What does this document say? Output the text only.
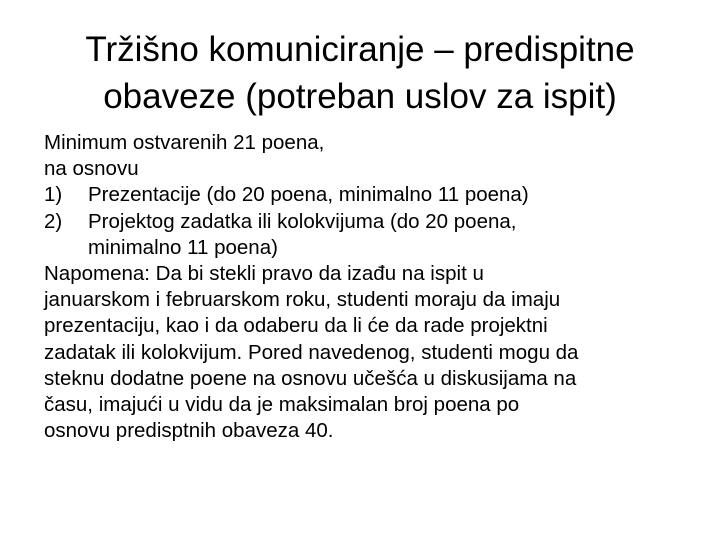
Tržišno komuniciranje – predispitne
obaveze (potreban uslov za ispit)
Minimum ostvarenih 21 poena,
na osnovu
1)	Prezentacije (do 20 poena, minimalno 11 poena)
2)	Projektog zadatka ili kolokvijuma (do 20 poena,
minimalno 11 poena)
Napomena: Da bi stekli pravo da izađu na ispit u
januarskom i februarskom roku, studenti moraju da imaju
prezentaciju, kao i da odaberu da li će da rade projektni
zadatak ili kolokvijum. Pored navedenog, studenti mogu da
steknu dodatne poene na osnovu učešća u diskusijama na
času, imajući u vidu da je maksimalan broj poena po
osnovu predisptnih obaveza 40.
